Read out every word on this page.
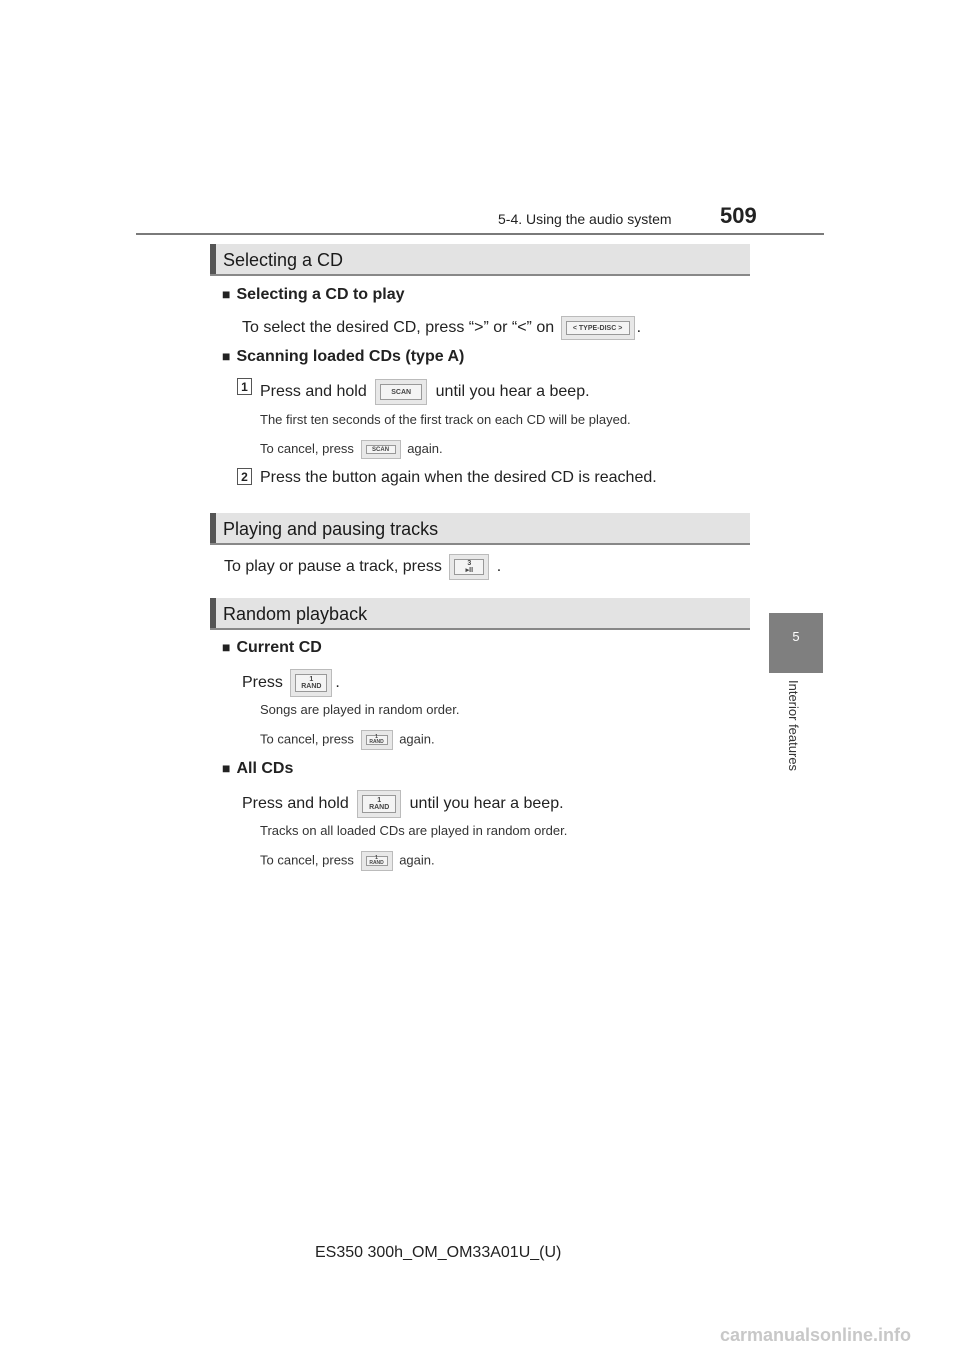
5-4. Using the audio system 509
5
Interior features
Selecting a CD
■ Selecting a CD to play
To select the desired CD, press “>” or “<” on	< TYPE-DISC > .
■ Scanning loaded CDs (type A)
1 Press and hold	SCAN	until you hear a beep.
The first ten seconds of the first track on each CD will be played.
To cancel, press	SCAN	again.
2 Press the button again when the desired CD is reached.
Playing and pausing tracks
To play or pause a track, press	3
▸II .
Random playback
■ Current CD
Press	1
RAND .
Songs are played in random order.
To cancel, press	1
RAND again.
■ All CDs
Press and hold	1
RAND until you hear a beep.
Tracks on all loaded CDs are played in random order.
To cancel, press	1
RAND again.
ES350 300h_OM_OM33A01U_(U)
carmanualsonline.info
